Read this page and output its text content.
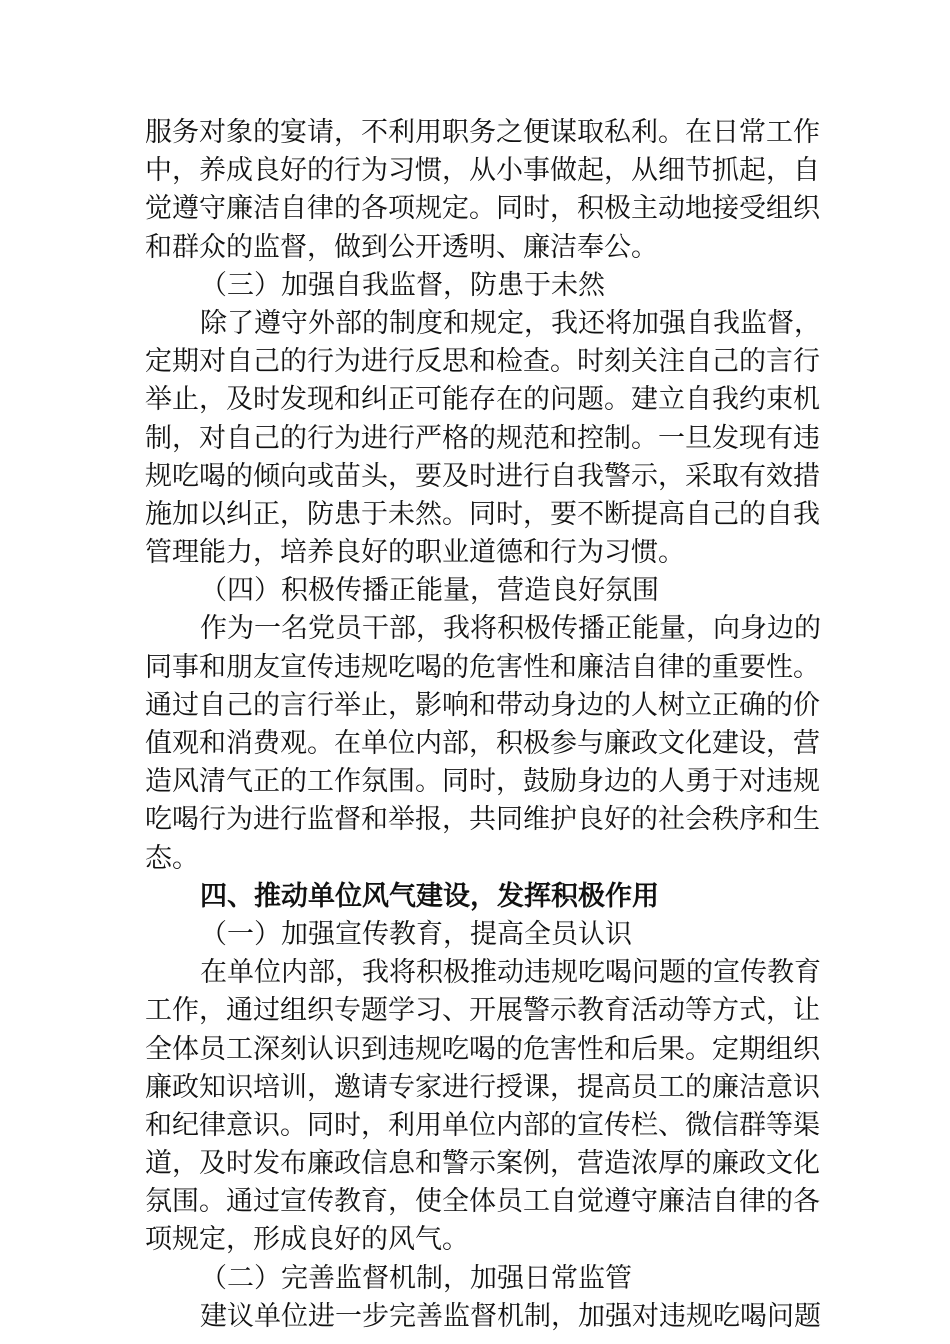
服务对象的宴请，不利用职务之便谋取私利。在日常工作
中，养成良好的行为习惯，从小事做起，从细节抓起，自
觉遵守廉洁自律的各项规定。同时，积极主动地接受组织
和群众的监督，做到公开透明、廉洁奉公。
（三）加强自我监督，防患于未然
除了遵守外部的制度和规定，我还将加强自我监督，
定期对自己的行为进行反思和检查。时刻关注自己的言行
举止，及时发现和纠正可能存在的问题。建立自我约束机
制，对自己的行为进行严格的规范和控制。一旦发现有违
规吃喝的倾向或苗头，要及时进行自我警示，采取有效措
施加以纠正，防患于未然。同时，要不断提高自己的自我
管理能力，培养良好的职业道德和行为习惯。
（四）积极传播正能量，营造良好氛围
作为一名党员干部，我将积极传播正能量，向身边的
同事和朋友宣传违规吃喝的危害性和廉洁自律的重要性。
通过自己的言行举止，影响和带动身边的人树立正确的价
值观和消费观。在单位内部，积极参与廉政文化建设，营
造风清气正的工作氛围。同时，鼓励身边的人勇于对违规
吃喝行为进行监督和举报，共同维护良好的社会秩序和生
态。
四、推动单位风气建设，发挥积极作用
（一）加强宣传教育，提高全员认识
在单位内部，我将积极推动违规吃喝问题的宣传教育
工作，通过组织专题学习、开展警示教育活动等方式，让
全体员工深刻认识到违规吃喝的危害性和后果。定期组织
廉政知识培训，邀请专家进行授课，提高员工的廉洁意识
和纪律意识。同时，利用单位内部的宣传栏、微信群等渠
道，及时发布廉政信息和警示案例，营造浓厚的廉政文化
氛围。通过宣传教育，使全体员工自觉遵守廉洁自律的各
项规定，形成良好的风气。
（二）完善监督机制，加强日常监管
建议单位进一步完善监督机制，加强对违规吃喝问题
